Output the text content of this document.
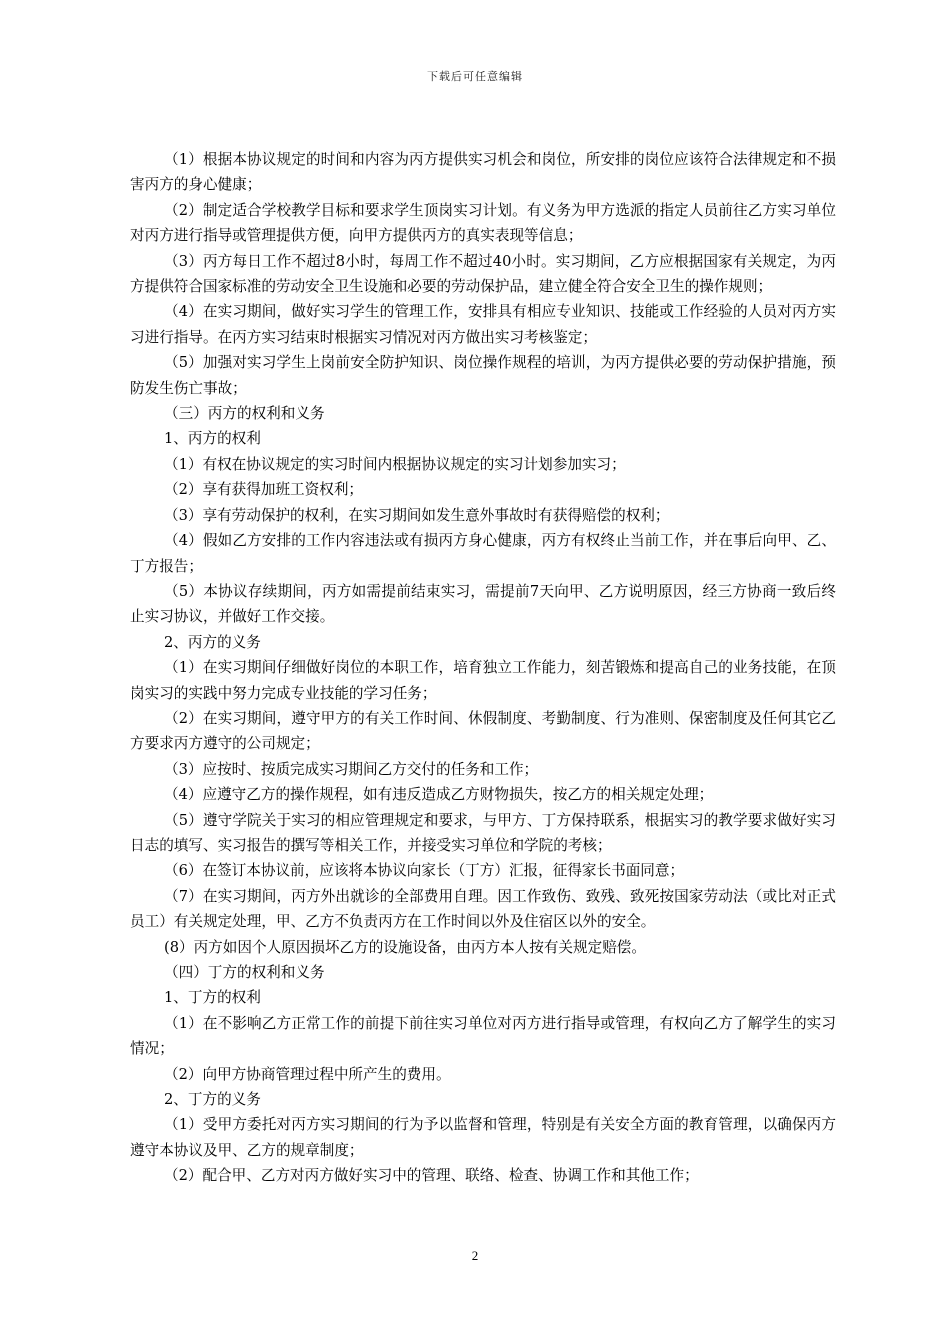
下载后可任意编辑

（1）根据本协议规定的时间和内容为丙方提供实习机会和岗位，所安排的岗位应该符合法律规定和不损害丙方的身心健康；

（2）制定适合学校教学目标和要求学生顶岗实习计划。有义务为甲方选派的指定人员前往乙方实习单位对丙方进行指导或管理提供方便，向甲方提供丙方的真实表现等信息；

（3）丙方每日工作不超过8小时，每周工作不超过40小时。实习期间，乙方应根据国家有关规定，为丙方提供符合国家标准的劳动安全卫生设施和必要的劳动保护品，建立健全符合安全卫生的操作规则；

（4）在实习期间，做好实习学生的管理工作，安排具有相应专业知识、技能或工作经验的人员对丙方实习进行指导。在丙方实习结束时根据实习情况对丙方做出实习考核鉴定；

（5）加强对实习学生上岗前安全防护知识、岗位操作规程的培训，为丙方提供必要的劳动保护措施，预防发生伤亡事故；

（三）丙方的权利和义务

1、丙方的权利

（1）有权在协议规定的实习时间内根据协议规定的实习计划参加实习；

（2）享有获得加班工资权利；

（3）享有劳动保护的权利，在实习期间如发生意外事故时有获得赔偿的权利；

（4）假如乙方安排的工作内容违法或有损丙方身心健康，丙方有权终止当前工作，并在事后向甲、乙、丁方报告；

（5）本协议存续期间，丙方如需提前结束实习，需提前7天向甲、乙方说明原因，经三方协商一致后终止实习协议，并做好工作交接。

2、丙方的义务

（1）在实习期间仔细做好岗位的本职工作，培育独立工作能力，刻苦锻炼和提高自己的业务技能，在顶岗实习的实践中努力完成专业技能的学习任务；

（2）在实习期间，遵守甲方的有关工作时间、休假制度、考勤制度、行为准则、保密制度及任何其它乙方要求丙方遵守的公司规定；

（3）应按时、按质完成实习期间乙方交付的任务和工作；

（4）应遵守乙方的操作规程，如有违反造成乙方财物损失，按乙方的相关规定处理；

（5）遵守学院关于实习的相应管理规定和要求，与甲方、丁方保持联系，根据实习的教学要求做好实习日志的填写、实习报告的撰写等相关工作，并接受实习单位和学院的考核；

（6）在签订本协议前，应该将本协议向家长（丁方）汇报，征得家长书面同意；

（7）在实习期间，丙方外出就诊的全部费用自理。因工作致伤、致残、致死按国家劳动法（或比对正式员工）有关规定处理，甲、乙方不负责丙方在工作时间以外及住宿区以外的安全。

(8）丙方如因个人原因损坏乙方的设施设备，由丙方本人按有关规定赔偿。

（四）丁方的权利和义务

1、丁方的权利

（1）在不影响乙方正常工作的前提下前往实习单位对丙方进行指导或管理，有权向乙方了解学生的实习情况；

（2）向甲方协商管理过程中所产生的费用。

2、丁方的义务

（1）受甲方委托对丙方实习期间的行为予以监督和管理，特别是有关安全方面的教育管理，以确保丙方遵守本协议及甲、乙方的规章制度；

（2）配合甲、乙方对丙方做好实习中的管理、联络、检查、协调工作和其他工作；

2
